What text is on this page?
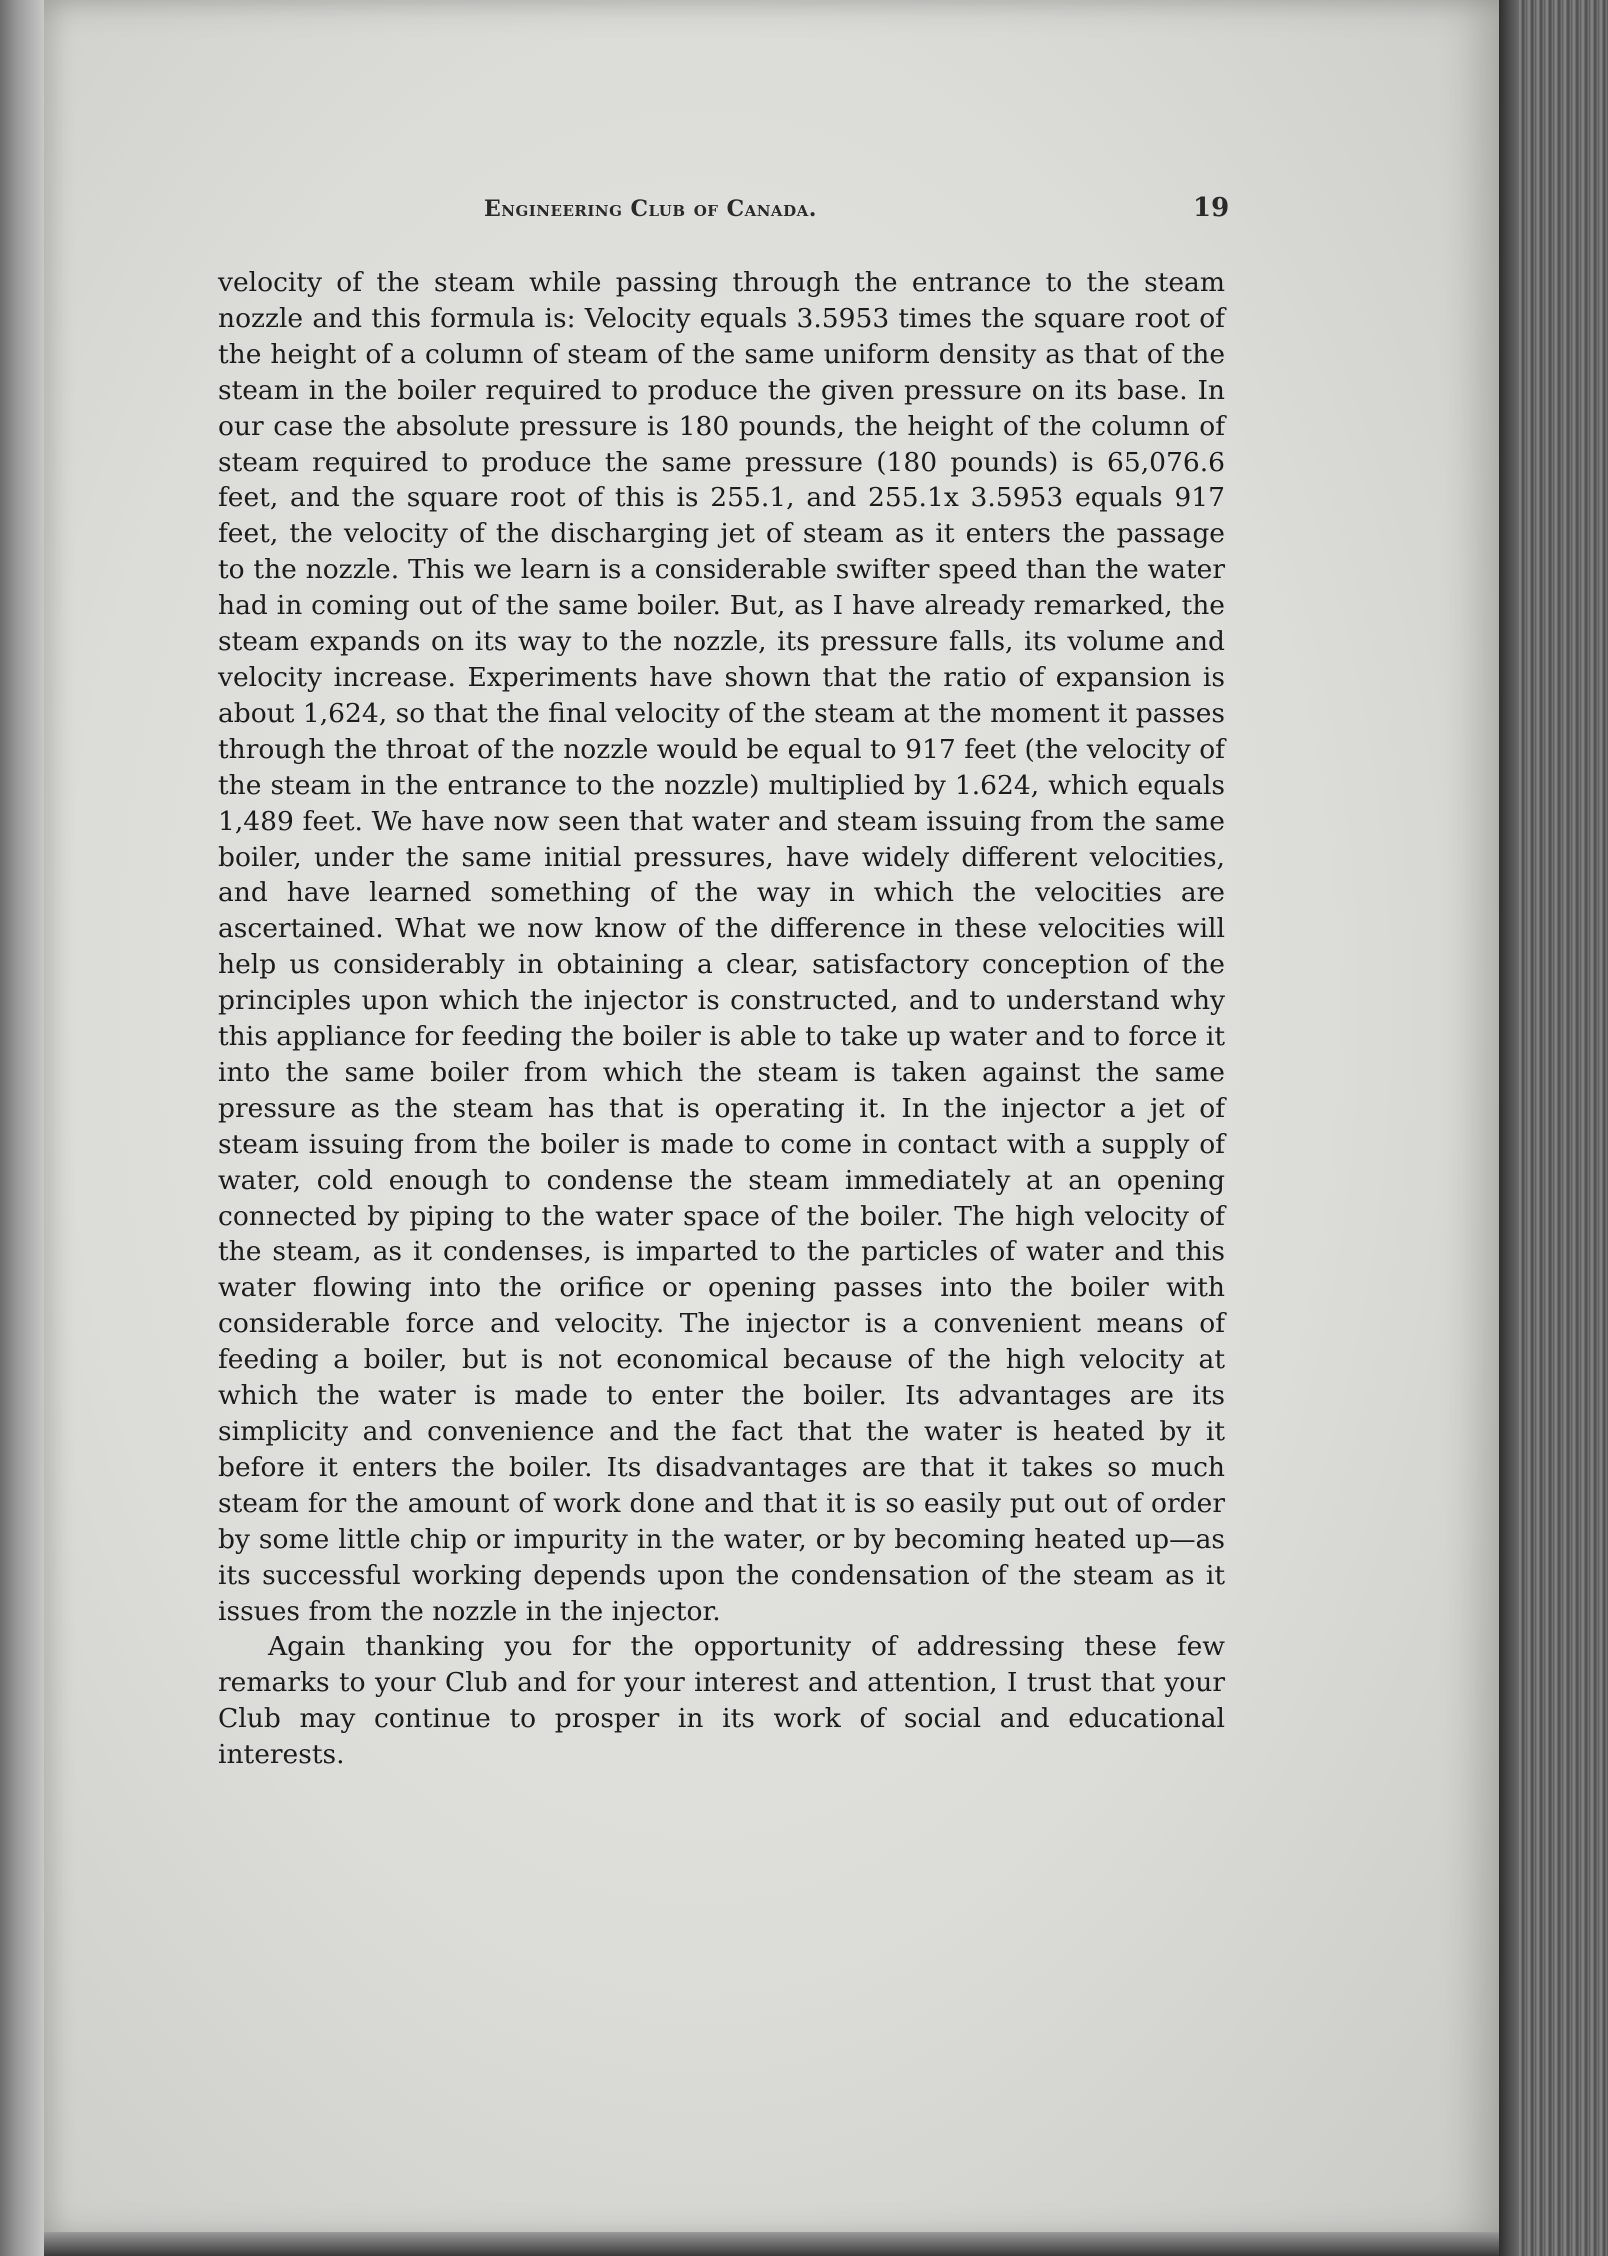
Engineering Club of Canada.	19

velocity of the steam while passing through the entrance to the steam nozzle and this formula is: Velocity equals 3.5953 times the square root of the height of a column of steam of the same uniform density as that of the steam in the boiler required to produce the given pressure on its base. In our case the absolute pressure is 180 pounds, the height of the column of steam required to produce the same pressure (180 pounds) is 65,076.6 feet, and the square root of this is 255.1, and 255.1x 3.5953 equals 917 feet, the velocity of the discharging jet of steam as it enters the passage to the nozzle. This we learn is a considerable swifter speed than the water had in coming out of the same boiler. But, as I have already remarked, the steam expands on its way to the nozzle, its pressure falls, its volume and velocity increase. Experiments have shown that the ratio of expansion is about 1,624, so that the final velocity of the steam at the moment it passes through the throat of the nozzle would be equal to 917 feet (the velocity of the steam in the entrance to the nozzle) multiplied by 1.624, which equals 1,489 feet. We have now seen that water and steam issuing from the same boiler, under the same initial pressures, have widely different velocities, and have learned something of the way in which the velocities are ascertained. What we now know of the difference in these velocities will help us considerably in obtaining a clear, satisfactory conception of the principles upon which the injector is constructed, and to understand why this appliance for feeding the boiler is able to take up water and to force it into the same boiler from which the steam is taken against the same pressure as the steam has that is operating it. In the injector a jet of steam issuing from the boiler is made to come in contact with a supply of water, cold enough to condense the steam immediately at an opening connected by piping to the water space of the boiler. The high velocity of the steam, as it condenses, is imparted to the particles of water and this water flowing into the orifice or opening passes into the boiler with considerable force and velocity. The injector is a convenient means of feeding a boiler, but is not economical because of the high velocity at which the water is made to enter the boiler. Its advantages are its simplicity and convenience and the fact that the water is heated by it before it enters the boiler. Its disadvantages are that it takes so much steam for the amount of work done and that it is so easily put out of order by some little chip or impurity in the water, or by becoming heated up—as its successful working depends upon the condensation of the steam as it issues from the nozzle in the injector.

Again thanking you for the opportunity of addressing these few remarks to your Club and for your interest and attention, I trust that your Club may continue to prosper in its work of social and educational interests.
